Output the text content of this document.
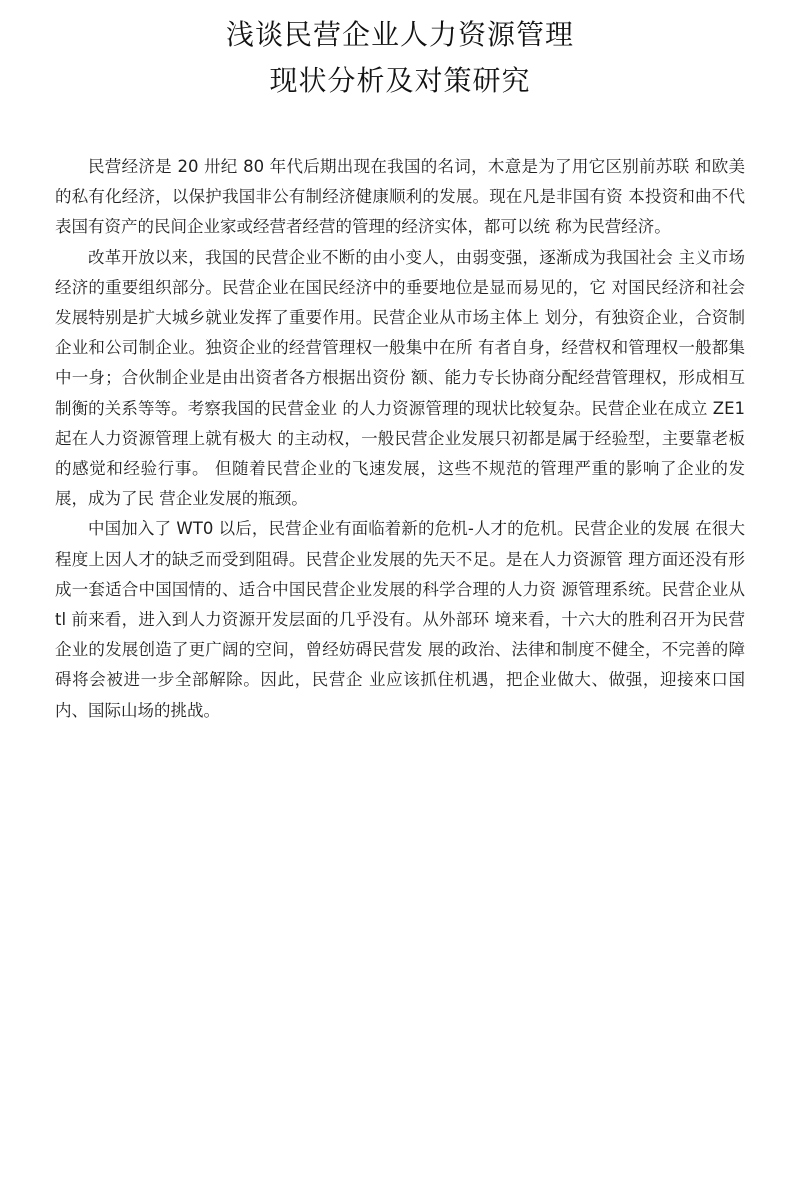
浅谈民营企业人力资源管理
现状分析及对策研究

民营经济是 20 卅纪 80 年代后期出现在我国的名词，木意是为了用它区别前苏联 和欧美的私有化经济，以保护我国非公有制经济健康顺利的发展。现在凡是非国有资 本投资和曲不代表国有资产的民间企业家或经营者经营的管理的经济实体，都可以统 称为民营经济。

改革开放以来，我国的民营企业不断的由小变人，由弱变强，逐渐成为我国社会 主义市场经济的重要组织部分。民营企业在国民经济中的垂要地位是显而易见的，它 对国民经济和社会发展特别是扩大城乡就业发挥了重要作用。民营企业从市场主体上 划分，有独资企业，合资制企业和公司制企业。独资企业的经营管理权一般集中在所 有者自身，经营权和管理权一般都集中一身；合伙制企业是由出资者各方根据出资份 额、能力专长协商分配经营管理权，形成相互制衡的关系等等。考察我国的民营金业 的人力资源管理的现状比较复杂。民营企业在成立 ZE1 起在人力资源管理上就有极大 的主动权，一般民营企业发展只初都是属于经验型，主要靠老板的感觉和经验行事。 但随着民营企业的飞速发展，这些不规范的管理严重的影响了企业的发展，成为了民 营企业发展的瓶颈。

中国加入了 WT0 以后，民营企业有面临着新的危机-人才的危机。民营企业的发展 在很大程度上因人才的缺乏而受到阻碍。民营企业发展的先天不足。是在人力资源管 理方面还没有形成一套适合中国国情的、适合中国民营企业发展的科学合理的人力资 源管理系统。民营企业从 tl 前来看，进入到人力资源开发层面的几乎没有。从外部环 境来看，十六大的胜利召开为民营企业的发展创造了更广阔的空间，曾经妨碍民营发 展的政治、法律和制度不健全，不完善的障碍将会被进一步全部解除。因此，民营企 业应该抓住机遇，把企业做大、做强，迎接來口国内、国际山场的挑战。
